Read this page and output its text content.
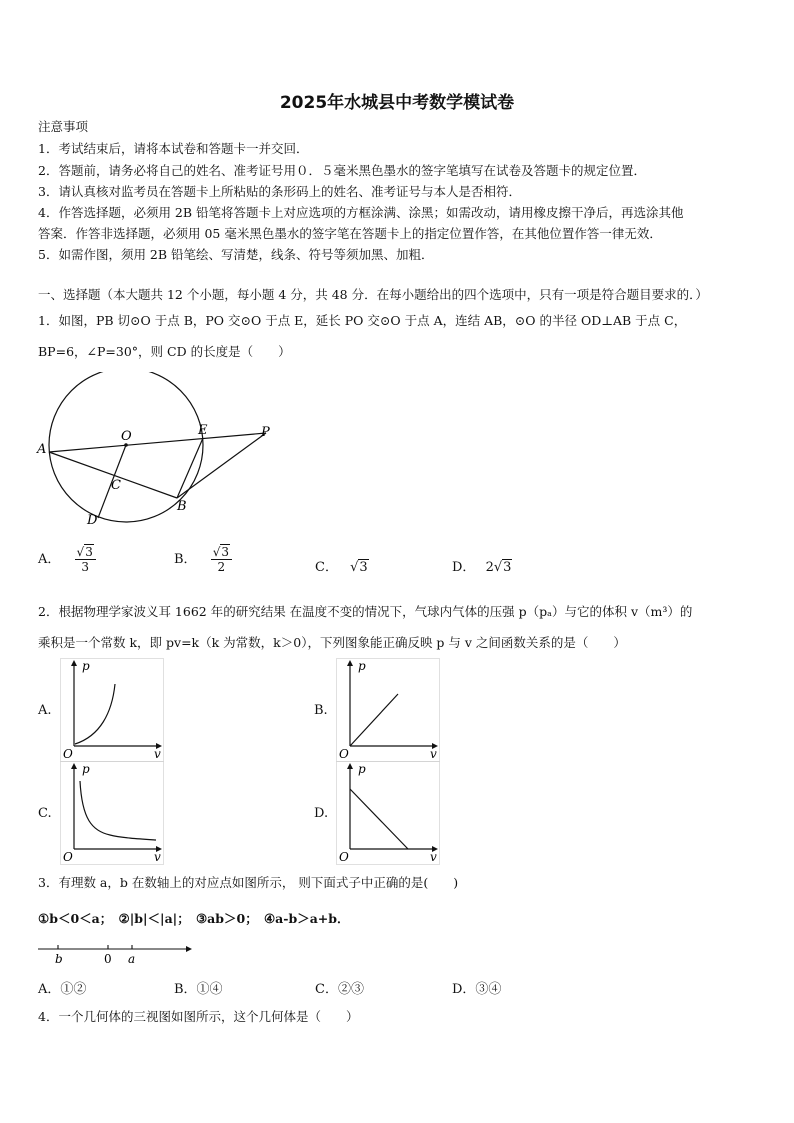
2025年水城县中考数学模试卷
注意事项
1．考试结束后，请将本试卷和答题卡一并交回．
2．答题前，请务必将自己的姓名、准考证号用０．５毫米黑色墨水的签字笔填写在试卷及答题卡的规定位置．
3．请认真核对监考员在答题卡上所粘贴的条形码上的姓名、准考证号与本人是否相符．
4．作答选择题，必须用 2B 铅笔将答题卡上对应选项的方框涂满、涂黑；如需改动，请用橡皮擦干净后，再选涂其他
答案．作答非选择题，必须用 05 毫米黑色墨水的签字笔在答题卡上的指定位置作答，在其他位置作答一律无效．
5．如需作图，须用 2B 铅笔绘、写清楚，线条、符号等须加黑、加粗．
一、选择题（本大题共 12 个小题，每小题 4 分，共 48 分．在每小题给出的四个选项中，只有一项是符合题目要求的．）
1．如图，PB 切⊙O 于点 B，PO 交⊙O 于点 E，延长 PO 交⊙O 于点 A，连结 AB，⊙O 的半径 OD⊥AB 于点 C，
BP=6，∠P=30°，则 CD 的长度是（　　）
A
O	E	P
C
D
B
A． $\frac{√3}{3}$	B． $\frac{√3}{2}$	C． √3	D． 2√3
2．根据物理学家波义耳 1662 年的研究结果 在温度不变的情况下，气球内气体的压强 p（pₐ）与它的体积 v（m³）的
乘积是一个常数 k，即 pv=k（k 为常数，k＞0），下列图象能正确反映 p 与 v 之间函数关系的是（　　）
A.	B.
C.	D.
p
v
O
p
v
O
p
v
O
p
v
O
3．有理数 a，b 在数轴上的对应点如图所示， 则下面式子中正确的是(　　)
①b＜0＜a；　②|b|＜|a|；　③ab＞0；　④a-b＞a+b．
b	0 a
A．①②	B．①④	C．②③	D．③④
4．一个几何体的三视图如图所示，这个几何体是（　　）
